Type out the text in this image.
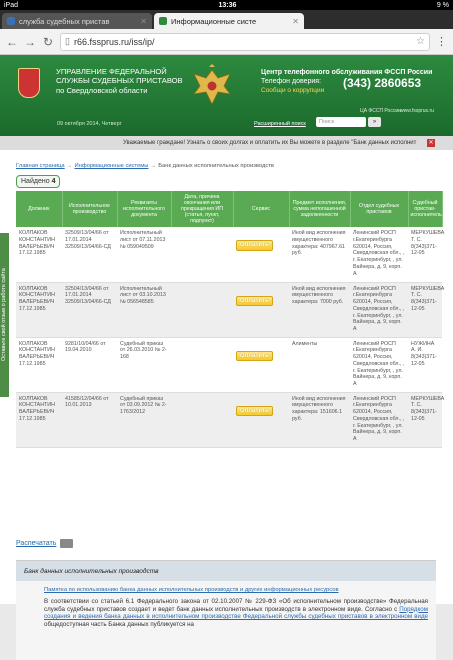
iPad	13:36	9 %
служба судебных пристав	✕	Информационные систе	✕
← → ↻ ▯ r66.fssprus.ru/iss/ip/	☆ ⋮
УПРАВЛЕНИЕ ФЕДЕРАЛЬНОЙ
СЛУЖБЫ СУДЕБНЫХ ПРИСТАВОВ
по Свердловской области
Центр телефонного обслуживания ФССП России
Телефон доверия:
Сообщи о коррупции
(343) 2860653
09 октября 2014, Четверг	Расширенный поиск	Поиск	»
ЦА ФССП России www.fssprus.ru
Уважаемые граждане! Узнать о своих долгах и оплатить их Вы можете в разделе "Банк данных исполнит ✕
Оставьте свой отзыв о работе сайта
Главная страница → Информационные системы → Банк данных исполнительных производств
Найдено 4
Должник	Исполнительное производство	Реквизиты исполнительного документа	Дата, причина окончания или прекращения ИП (статья, пункт, подпункт)	Сервис	Предмет исполнения, сумма непогашенной задолженности	Отдел судебных приставов	Судебный пристав-исполнитель
КОЛПАКОВ КОНСТАНТИН ВАЛЕРЬЕВИЧ 17.12.1985	32509/13/04/66 от 17.01.2014 32509/13/04/66-СД	Исполнительный лист от 07.11.2013 № 059049509		Оплатить	Иной вид исполнения имущественного характера: 407967.61 руб.	Ленинский РОСП г.Екатеринбурга 620014, Россия, Свердловская обл., , г. Екатеринбург, , ул. Вайнера, д. 9, корп. А	МЕРКУШЕВА Т. С. 8(343)371-12-05
КОЛПАКОВ КОНСТАНТИН ВАЛЕРЬЕВИЧ 17.12.1985	32504/13/04/66 от 17.01.2014 32509/13/04/66-СД	Исполнительный лист от 03.10.2013 № 056548585		Оплатить	Иной вид исполнения имущественного характера: 7000 руб.	Ленинский РОСП г.Екатеринбурга 620014, Россия, Свердловская обл., , г. Екатеринбург, , ул. Вайнера, д. 9, корп. А	МЕРКУШЕВА Т. С. 8(343)371-12-05
КОЛПАКОВ КОНСТАНТИН ВАЛЕРЬЕВИЧ 17.12.1985	9281/10/04/66 от 19.04.2010	Судебный приказ от 26.03.2010 № 2-168		Оплатить	Алименты	Ленинский РОСП г.Екатеринбурга 620014, Россия, Свердловская обл., , г. Екатеринбург, , ул. Вайнера, д. 9, корп. А	НУЖИНА А. И. 8(343)371-12-05
КОЛПАКОВ КОНСТАНТИН ВАЛЕРЬЕВИЧ 17.12.1985	41585/12/04/66 от 10.01.2013	Судебный приказ от 03.09.2012 № 2-1763/2012		Оплатить	Иной вид исполнения имущественного характера: 151606.1 руб.	Ленинский РОСП г.Екатеринбурга 620014, Россия, Свердловская обл., , г. Екатеринбург, , ул. Вайнера, д. 9, корп. А	МЕРКУШЕВА Т. С. 8(343)371-12-05
Распечатать
Банк данных исполнительных производств
Памятка по использованию банка данных исполнительных производств и других информационных ресурсов
В соответствии со статьей 6.1 Федерального закона от 02.10.2007 № 229-ФЗ «Об исполнительном производстве» Федеральная служба судебных приставов создает и ведет банк данных исполнительных производств в электронном виде. Согласно с Порядком создания и ведения банка данных в исполнительном производстве Федеральной службы судебных приставов в электронном виде общедоступная часть Банка данных публикуется на
